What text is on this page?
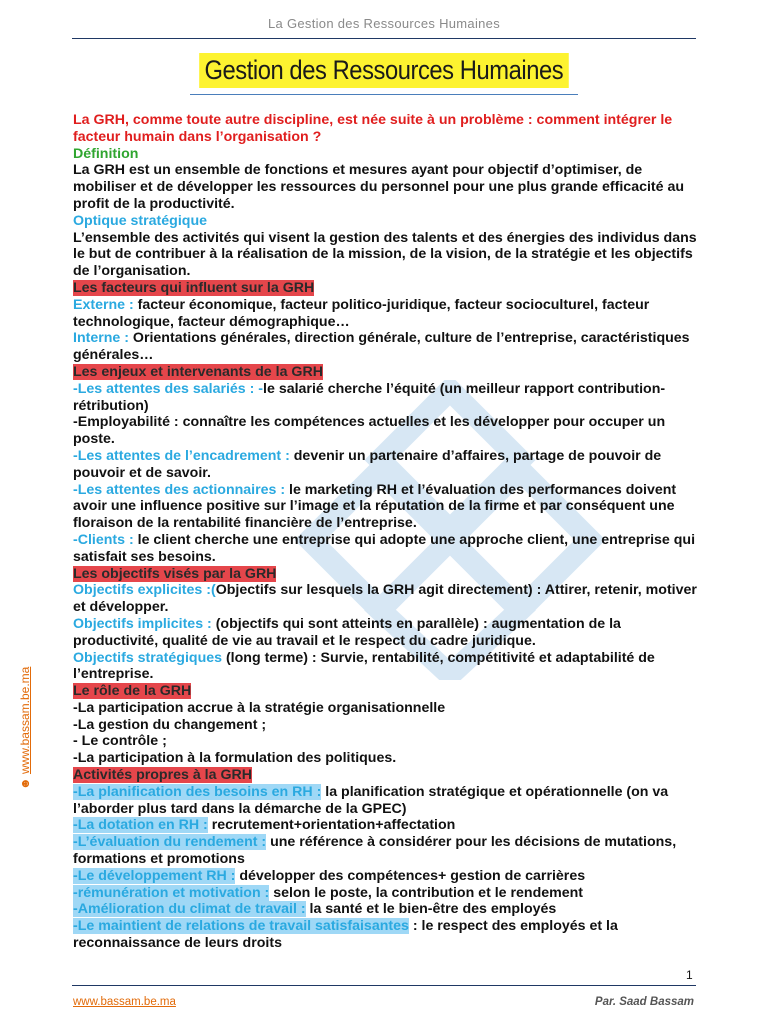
La Gestion des Ressources Humaines
Gestion des Ressources Humaines

La GRH, comme toute autre discipline, est née suite à un problème : comment intégrer le facteur humain dans l’organisation ?

Définition

La GRH est un ensemble de fonctions et mesures ayant pour objectif d’optimiser, de mobiliser et de développer les ressources du personnel pour une plus grande efficacité au profit de la productivité.

Optique stratégique

L’ensemble des activités qui visent la gestion des talents et des énergies des individus dans le but de contribuer à la réalisation de la mission, de la vision, de la stratégie et les objectifs de l’organisation.

Les facteurs qui influent sur la GRH

Externe : facteur économique, facteur politico-juridique, facteur socioculturel, facteur technologique, facteur démographique…

Interne : Orientations générales, direction générale, culture de l’entreprise, caractéristiques générales…

Les enjeux et intervenants de la GRH

-Les attentes des salariés : -le salarié cherche l’équité (un meilleur rapport contribution-rétribution)

-Employabilité : connaître les compétences actuelles et les développer pour occuper un poste.

-Les attentes de l’encadrement : devenir un partenaire d’affaires, partage de pouvoir de pouvoir et de savoir.

-Les attentes des actionnaires : le marketing RH et l’évaluation des performances doivent avoir une influence positive sur l’image et la réputation de la firme et par conséquent une floraison de la rentabilité financière de l’entreprise.

-Clients : le client cherche une entreprise qui adopte une approche client, une entreprise qui satisfait ses besoins.

Les objectifs visés par la GRH

Objectifs explicites :(Objectifs sur lesquels la GRH agit directement) : Attirer, retenir, motiver et développer.

Objectifs implicites : (objectifs qui sont atteints en parallèle) : augmentation de la productivité, qualité de vie au travail et le respect du cadre juridique.

Objectifs stratégiques (long terme) : Survie, rentabilité, compétitivité et adaptabilité de l’entreprise.

Le rôle de la GRH

-La participation accrue à la stratégie organisationnelle

-La gestion du changement ;

- Le contrôle ;

-La participation à la formulation des politiques.

Activités propres à la GRH

-La planification des besoins en RH : la planification stratégique et opérationnelle (on va l’aborder plus tard dans la démarche de la GPEC)

-La dotation en RH : recrutement+orientation+affectation

-L’évaluation du rendement : une référence à considérer pour les décisions de mutations, formations et promotions

-Le développement RH : développer des compétences+ gestion de carrières

-rémunération et motivation : selon le poste, la contribution et le rendement

-Amélioration du climat de travail : la santé et le bien-être des employés

-Le maintient de relations de travail satisfaisantes : le respect des employés et la reconnaissance de leurs droits

☻ www.bassam.be.ma
1
www.bassam.be.ma	Par. Saad Bassam
